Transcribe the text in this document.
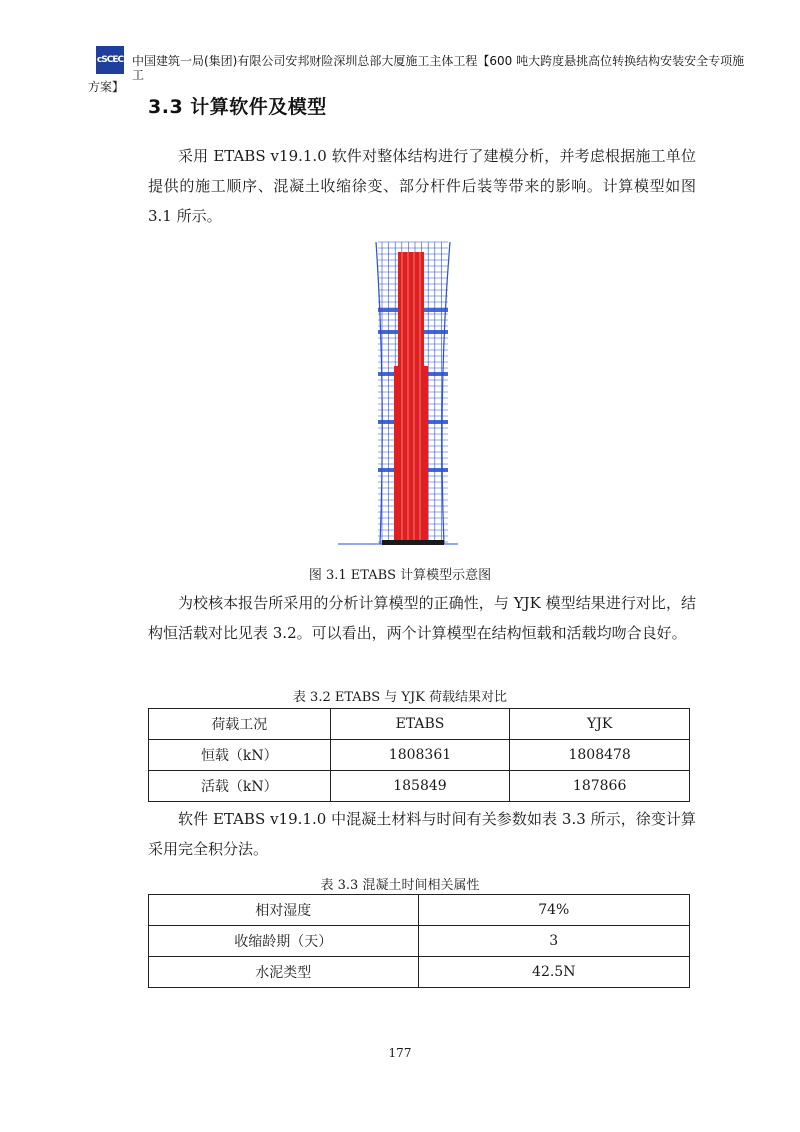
cSCEC 中国建筑一局(集团)有限公司安邦财险深圳总部大厦施工主体工程【600 吨大跨度悬挑高位转换结构安装安全专项施工
方案】
3.3 计算软件及模型

采用 ETABS v19.1.0 软件对整体结构进行了建模分析，并考虑根据施工单位提供的施工顺序、混凝土收缩徐变、部分杆件后装等带来的影响。计算模型如图 3.1 所示。

图 3.1 ETABS 计算模型示意图

为校核本报告所采用的分析计算模型的正确性，与 YJK 模型结果进行对比，结构恒活载对比见表 3.2。可以看出，两个计算模型在结构恒载和活载均吻合良好。

表 3.2 ETABS 与 YJK 荷载结果对比
荷载工况	ETABS	YJK
恒载（kN）	1808361	1808478
活载（kN）	185849	187866

软件 ETABS v19.1.0 中混凝土材料与时间有关参数如表 3.3 所示，徐变计算采用完全积分法。

表 3.3 混凝土时间相关属性
相对湿度	74%
收缩龄期（天）	3
水泥类型	42.5N
177
